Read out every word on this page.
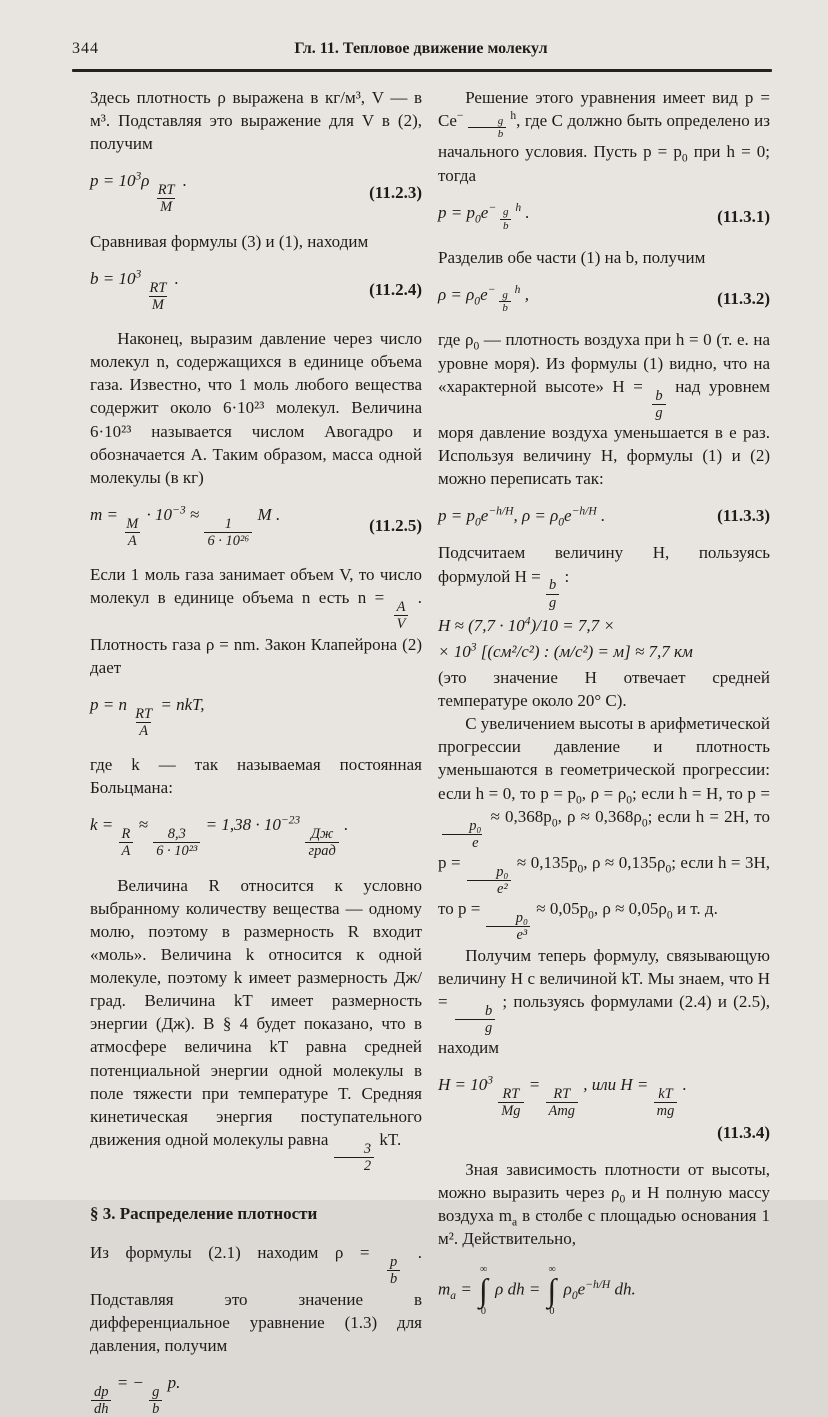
344	Гл. 11. Тепловое движение молекул

Здесь плотность ρ выражена в кг/м³, V — в м³. Подставляя это выражение для V в (2), получим

$p = 10^3\rho$
$\frac{RT}{M}$
.
(11.2.3)

Сравнивая формулы (3) и (1), находим

$b = 10^3$
$\frac{RT}{M}$
.
(11.2.4)

Наконец, выразим давление через число молекул n, содержащихся в единице объема газа. Известно, что 1 моль любого вещества содержит около 6·10²³ молекул. Величина 6·10²³ называется числом Авогадро и обозначается A. Таким образом, масса одной молекулы (в кг)

m =
$\frac{M}{A}$
· $10^{-3}$ ≈
$\frac{1}{\text{6 · 10²⁶}}$
M .
(11.2.5)

Если 1 моль газа занимает объем V, то число молекул в единице объема n есть n =
$\frac{A}{V}$
. Плотность газа ρ = nm. Закон Клапейрона (2) дает

p = n
$\frac{RT}{A}$
= nkT,

где k — так называемая постоянная Больцмана:

k =
$\frac{R}{A}$
≈
$\frac{8,3}{\text{6 · 10²³}}$
= $1,38 \cdot 10^{-23}$
$\frac{Дж}{\text{град}}$
.

Величина R относится к условно выбранному количеству вещества — одному молю, поэтому в размерность R входит «моль». Величина k относится к одной молекуле, поэтому k имеет размерность Дж/град. Величина kT имеет размерность энергии (Дж). В § 4 будет показано, что в атмосфере величина kT равна средней потенциальной энергии одной молекулы в поле тяжести при температуре T. Средняя кинетическая энергия поступательного движения одной молекулы равна
$\frac{3}{2}$
kT.

§ 3. Распределение плотности

Из формулы (2.1) находим ρ =
$\frac{p}{b}$
. Подставляя это значение в дифференциальное уравнение (1.3) для давления, получим

$\frac{dp}{dh}$
= −
$\frac{g}{b}$
p.

Решение этого уравнения имеет вид $p = Ce^{- \frac{g}{b} h}$, где C должно быть определено из начального условия. Пусть $p = p_0$ при h = 0; тогда

$p = p_0e^{- \frac{g}{b} h}$ .	(11.3.1)

Разделив обе части (1) на b, получим

$\rho = \rho_0e^{- \frac{g}{b} h}$ ,	(11.3.2)

где $\rho_0$ — плотность воздуха при h = 0 (т. е. на уровне моря). Из формулы (1) видно, что на «характерной высоте» H =
$\frac{b}{g}$
над уровнем моря давление воздуха уменьшается в e раз. Используя величину H, формулы (1) и (2) можно переписать так:

$p = p_0e^{-h/H}$, $\rho = \rho_0e^{-h/H}$ .	(11.3.3)

Подсчитаем величину H, пользуясь формулой H =
$\frac{b}{g}$
:

$H \approx (7,7 \cdot 10^4)/10 = 7,7$ ×
× $10^3$ [(см²/с²) : (м/с²) = м] ≈ 7,7 км

(это значение H отвечает средней температуре около 20° C).

С увеличением высоты в арифметической прогрессии давление и плотность уменьшаются в геометрической прогрессии: если h = 0, то $p = p_0$, $\rho = \rho_0$; если h = H, то p =
$\frac{\text{p₀}}{e}$
≈ $0,368p_0$, $\rho \approx 0,368\rho_0$; если h = 2H, то p =
$\frac{\text{p₀}}{\text{e²}}$
≈ $0,135p_0$, $\rho \approx 0,135\rho_0$; если h = 3H, то p =
$\frac{\text{p₀}}{\text{e³}}$
≈ $0,05p_0$, $\rho \approx 0,05\rho_0$ и т. д.

Получим теперь формулу, связывающую величину H с величиной kT. Мы знаем, что H =
$\frac{b}{g}$
; пользуясь формулами (2.4) и (2.5), находим

$H = 10^3$
$\frac{RT}{Mg}$
=
$\frac{RT}{\text{Amg}}$
, или H =
$\frac{kT}{mg}$
.
(11.3.4)

Зная зависимость плотности от высоты, можно выразить через $\rho_0$ и H полную массу воздуха $m_а$ в столбе с площадью основания 1 м². Действительно,

$m_а$ =
∞
∫
0
ρ dh =
∞
∫
0
$\rho_0e^{-h/H}$ dh.
